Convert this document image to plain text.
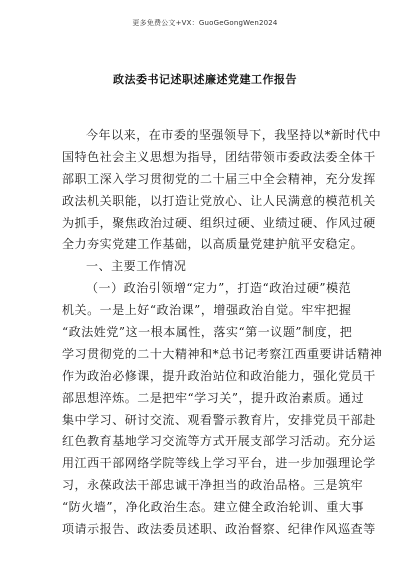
更多免费公文+VX：GuoGeGongWen2024
政法委书记述职述廉述党建工作报告
今年以来，在市委的坚强领导下，我坚持以*新时代中
国特色社会主义思想为指导，团结带领市委政法委全体干
部职工深入学习贯彻党的二十届三中全会精神，充分发挥
政法机关职能，以打造让党放心、让人民满意的模范机关
为抓手，聚焦政治过硬、组织过硬、业绩过硬、作风过硬
全力夯实党建工作基础，以高质量党建护航平安稳定。
一、主要工作情况
（一）政治引领增“定力”，打造“政治过硬”模范
机关。一是上好“政治课”，增强政治自觉。牢牢把握
“政法姓党”这一根本属性，落实“第一议题”制度，把
学习贯彻党的二十大精神和*总书记考察江西重要讲话精神
作为政治必修课，提升政治站位和政治能力，强化党员干
部思想淬炼。二是把牢“学习关”，提升政治素质。通过
集中学习、研讨交流、观看警示教育片，安排党员干部赴
红色教育基地学习交流等方式开展支部学习活动。充分运
用江西干部网络学院等线上学习平台，进一步加强理论学
习，永葆政法干部忠诚干净担当的政治品格。三是筑牢
“防火墙”，净化政治生态。建立健全政治轮训、重大事
项请示报告、政法委员述职、政治督察、纪律作风巡查等
